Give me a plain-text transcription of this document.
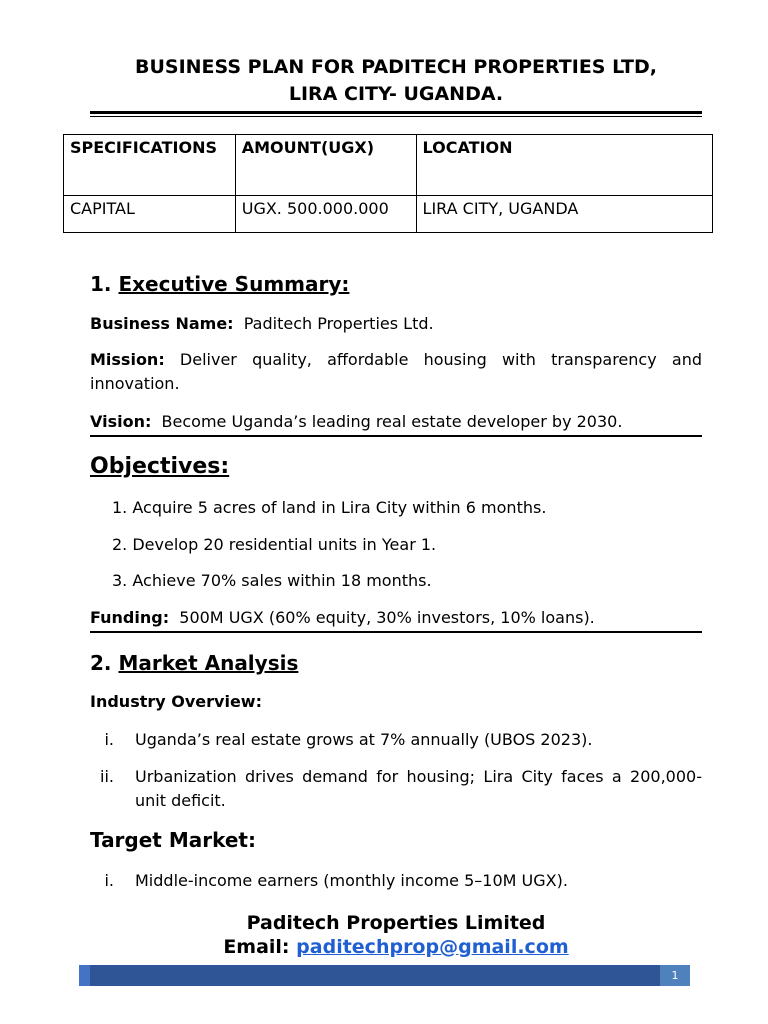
BUSINESS PLAN FOR PADITECH PROPERTIES LTD,
LIRA CITY- UGANDA.
SPECIFICATIONS	AMOUNT(UGX)	LOCATION
CAPITAL	UGX. 500.000.000	LIRA CITY, UGANDA
1. Executive Summary:
Business Name: Paditech Properties Ltd.
Mission: Deliver quality, affordable housing with transparency and innovation.
Vision: Become Uganda’s leading real estate developer by 2030.
Objectives:
1. Acquire 5 acres of land in Lira City within 6 months.
2. Develop 20 residential units in Year 1.
3. Achieve 70% sales within 18 months.
Funding: 500M UGX (60% equity, 30% investors, 10% loans).
2. Market Analysis
Industry Overview:
i. Uganda’s real estate grows at 7% annually (UBOS 2023).
ii. Urbanization drives demand for housing; Lira City faces a 200,000-unit deficit.
Target Market:
i. Middle-income earners (monthly income 5–10M UGX).
Paditech Properties Limited
Email: paditechprop@gmail.com
1
